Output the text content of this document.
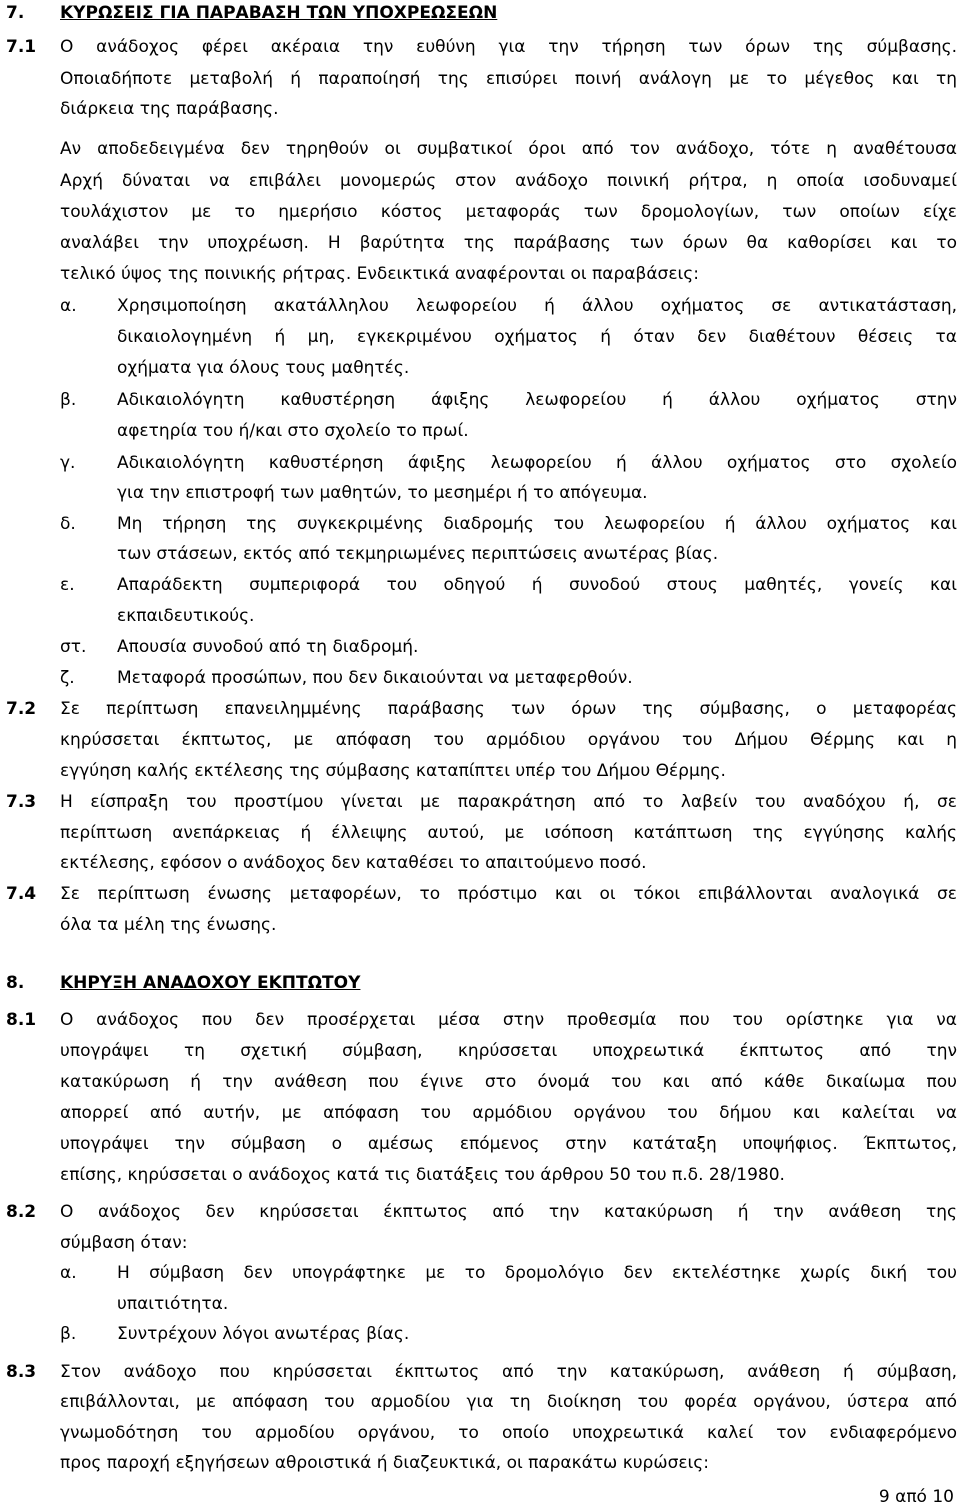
7. ΚΥΡΩΣΕΙΣ ΓΙΑ ΠΑΡΑΒΑΣΗ ΤΩΝ ΥΠΟΧΡΕΩΣΕΩΝ
7.1 Ο ανάδοχος φέρει ακέραια την ευθύνη για την τήρηση των όρων της σύμβασης.
Οποιαδήποτε μεταβολή ή παραποίησή της επισύρει ποινή ανάλογη με το μέγεθος και τη
διάρκεια της παράβασης.
Αν αποδεδειγμένα δεν τηρηθούν οι συμβατικοί όροι από τον ανάδοχο, τότε η αναθέτουσα
Αρχή δύναται να επιβάλει μονομερώς στον ανάδοχο ποινική ρήτρα, η οποία ισοδυναμεί
τουλάχιστον με το ημερήσιο κόστος μεταφοράς των δρομολογίων, των οποίων είχε
αναλάβει την υποχρέωση. Η βαρύτητα της παράβασης των όρων θα καθορίσει και το
τελικό ύψος της ποινικής ρήτρας. Ενδεικτικά αναφέρονται οι παραβάσεις:
α. Χρησιμοποίηση ακατάλληλου λεωφορείου ή άλλου οχήματος σε αντικατάσταση,
δικαιολογημένη ή μη, εγκεκριμένου οχήματος ή όταν δεν διαθέτουν θέσεις τα
οχήματα για όλους τους μαθητές.
β. Αδικαιολόγητη καθυστέρηση άφιξης λεωφορείου ή άλλου οχήματος στην
αφετηρία του ή/και στο σχολείο το πρωί.
γ. Αδικαιολόγητη καθυστέρηση άφιξης λεωφορείου ή άλλου οχήματος στο σχολείο
για την επιστροφή των μαθητών, το μεσημέρι ή το απόγευμα.
δ. Μη τήρηση της συγκεκριμένης διαδρομής του λεωφορείου ή άλλου οχήματος και
των στάσεων, εκτός από τεκμηριωμένες περιπτώσεις ανωτέρας βίας.
ε. Απαράδεκτη συμπεριφορά του οδηγού ή συνοδού στους μαθητές, γονείς και
εκπαιδευτικούς.
στ. Απουσία συνοδού από τη διαδρομή.
ζ. Μεταφορά προσώπων, που δεν δικαιούνται να μεταφερθούν.
7.2 Σε περίπτωση επανειλημμένης παράβασης των όρων της σύμβασης, ο μεταφορέας
κηρύσσεται έκπτωτος, με απόφαση του αρμόδιου οργάνου του Δήμου Θέρμης και η
εγγύηση καλής εκτέλεσης της σύμβασης καταπίπτει υπέρ του Δήμου Θέρμης.
7.3 Η είσπραξη του προστίμου γίνεται με παρακράτηση από το λαβείν του αναδόχου ή, σε
περίπτωση ανεπάρκειας ή έλλειψης αυτού, με ισόποση κατάπτωση της εγγύησης καλής
εκτέλεσης, εφόσον ο ανάδοχος δεν καταθέσει το απαιτούμενο ποσό.
7.4 Σε περίπτωση ένωσης μεταφορέων, το πρόστιμο και οι τόκοι επιβάλλονται αναλογικά σε
όλα τα μέλη της ένωσης.
8. ΚΗΡΥΞΗ ΑΝΑΔΟΧΟΥ ΕΚΠΤΩΤΟΥ
8.1 Ο ανάδοχος που δεν προσέρχεται μέσα στην προθεσμία που του ορίστηκε για να
υπογράψει τη σχετική σύμβαση, κηρύσσεται υποχρεωτικά έκπτωτος από την
κατακύρωση ή την ανάθεση που έγινε στο όνομά του και από κάθε δικαίωμα που
απορρεί από αυτήν, με απόφαση του αρμόδιου οργάνου του δήμου και καλείται να
υπογράψει την σύμβαση ο αμέσως επόμενος στην κατάταξη υποψήφιος. Έκπτωτος,
επίσης, κηρύσσεται ο ανάδοχος κατά τις διατάξεις του άρθρου 50 του π.δ. 28/1980.
8.2 Ο ανάδοχος δεν κηρύσσεται έκπτωτος από την κατακύρωση ή την ανάθεση της
σύμβαση όταν:
α. Η σύμβαση δεν υπογράφτηκε με το δρομολόγιο δεν εκτελέστηκε χωρίς δική του
υπαιτιότητα.
β. Συντρέχουν λόγοι ανωτέρας βίας.
8.3 Στον ανάδοχο που κηρύσσεται έκπτωτος από την κατακύρωση, ανάθεση ή σύμβαση,
επιβάλλονται, με απόφαση του αρμοδίου για τη διοίκηση του φορέα οργάνου, ύστερα από
γνωμοδότηση του αρμοδίου οργάνου, το οποίο υποχρεωτικά καλεί τον ενδιαφερόμενο
προς παροχή εξηγήσεων αθροιστικά ή διαζευκτικά, οι παρακάτω κυρώσεις:
9 από 10
